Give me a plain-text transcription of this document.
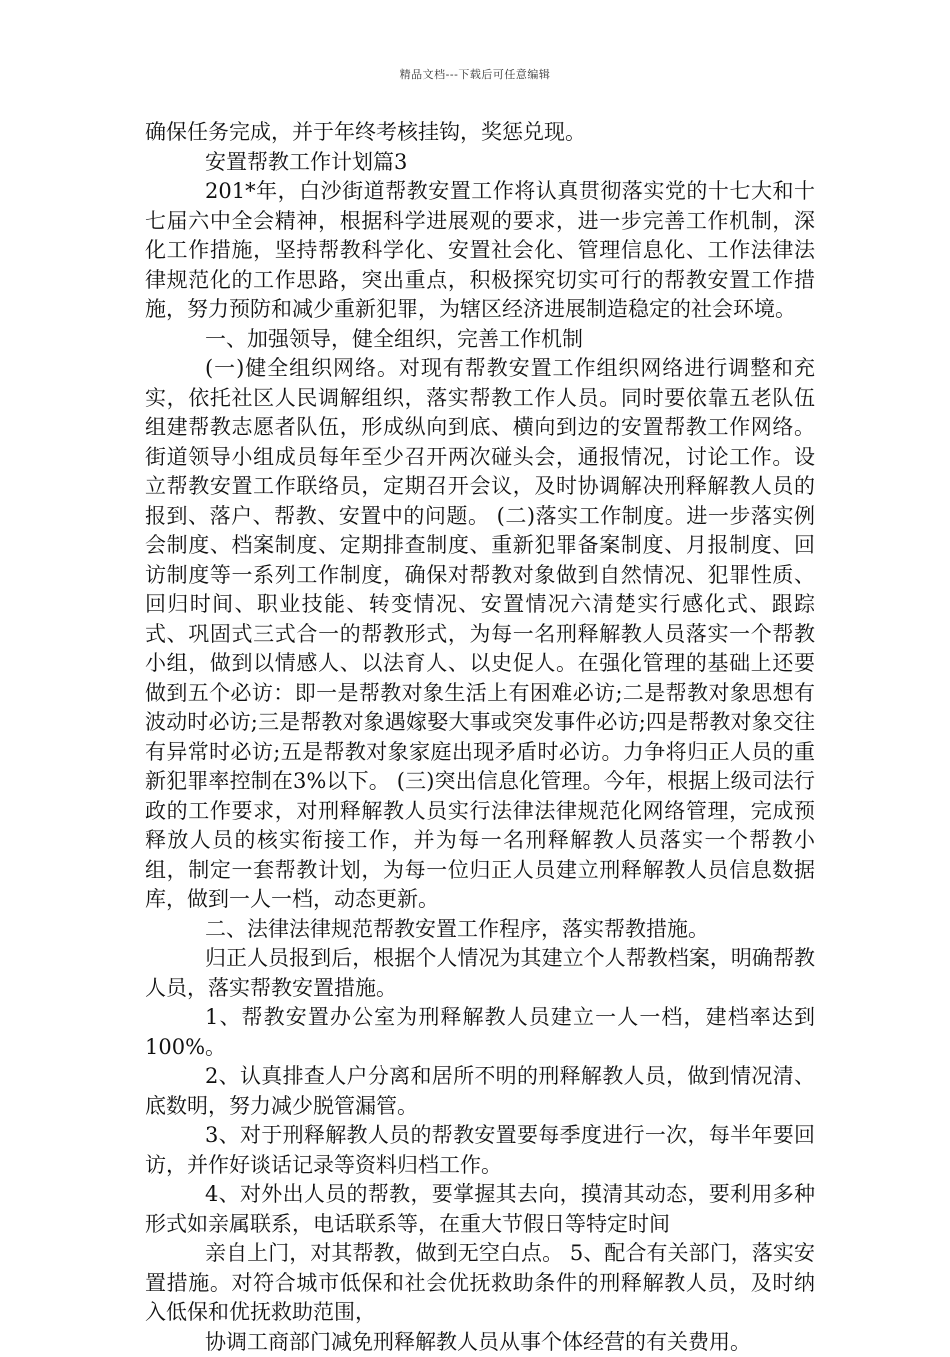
精品文档---下载后可任意编辑

确保任务完成，并于年终考核挂钩，奖惩兑现。

安置帮教工作计划篇3

201*年，白沙街道帮教安置工作将认真贯彻落实党的十七大和十七届六中全会精神，根据科学进展观的要求，进一步完善工作机制，深化工作措施，坚持帮教科学化、安置社会化、管理信息化、工作法律法律规范化的工作思路，突出重点，积极探究切实可行的帮教安置工作措施，努力预防和减少重新犯罪，为辖区经济进展制造稳定的社会环境。

一、加强领导，健全组织，完善工作机制

(一)健全组织网络。对现有帮教安置工作组织网络进行调整和充实，依托社区人民调解组织，落实帮教工作人员。同时要依靠五老队伍组建帮教志愿者队伍，形成纵向到底、横向到边的安置帮教工作网络。街道领导小组成员每年至少召开两次碰头会，通报情况，讨论工作。设立帮教安置工作联络员，定期召开会议，及时协调解决刑释解教人员的报到、落户、帮教、安置中的问题。 (二)落实工作制度。进一步落实例会制度、档案制度、定期排查制度、重新犯罪备案制度、月报制度、回访制度等一系列工作制度，确保对帮教对象做到自然情况、犯罪性质、回归时间、职业技能、转变情况、安置情况六清楚实行感化式、跟踪式、巩固式三式合一的帮教形式，为每一名刑释解教人员落实一个帮教小组，做到以情感人、以法育人、以史促人。在强化管理的基础上还要做到五个必访：即一是帮教对象生活上有困难必访;二是帮教对象思想有波动时必访;三是帮教对象遇嫁娶大事或突发事件必访;四是帮教对象交往有异常时必访;五是帮教对象家庭出现矛盾时必访。力争将归正人员的重新犯罪率控制在3%以下。 (三)突出信息化管理。今年，根据上级司法行政的工作要求，对刑释解教人员实行法律法律规范化网络管理，完成预释放人员的核实衔接工作，并为每一名刑释解教人员落实一个帮教小组，制定一套帮教计划，为每一位归正人员建立刑释解教人员信息数据库，做到一人一档，动态更新。

二、法律法律规范帮教安置工作程序，落实帮教措施。

归正人员报到后，根据个人情况为其建立个人帮教档案，明确帮教人员，落实帮教安置措施。

1、帮教安置办公室为刑释解教人员建立一人一档，建档率达到100%。

2、认真排查人户分离和居所不明的刑释解教人员，做到情况清、底数明，努力减少脱管漏管。

3、对于刑释解教人员的帮教安置要每季度进行一次，每半年要回访，并作好谈话记录等资料归档工作。

4、对外出人员的帮教，要掌握其去向，摸清其动态，要利用多种形式如亲属联系，电话联系等，在重大节假日等特定时间

亲自上门，对其帮教，做到无空白点。 5、配合有关部门，落实安置措施。对符合城市低保和社会优抚救助条件的刑释解教人员，及时纳入低保和优抚救助范围，

协调工商部门减免刑释解教人员从事个体经营的有关费用。
